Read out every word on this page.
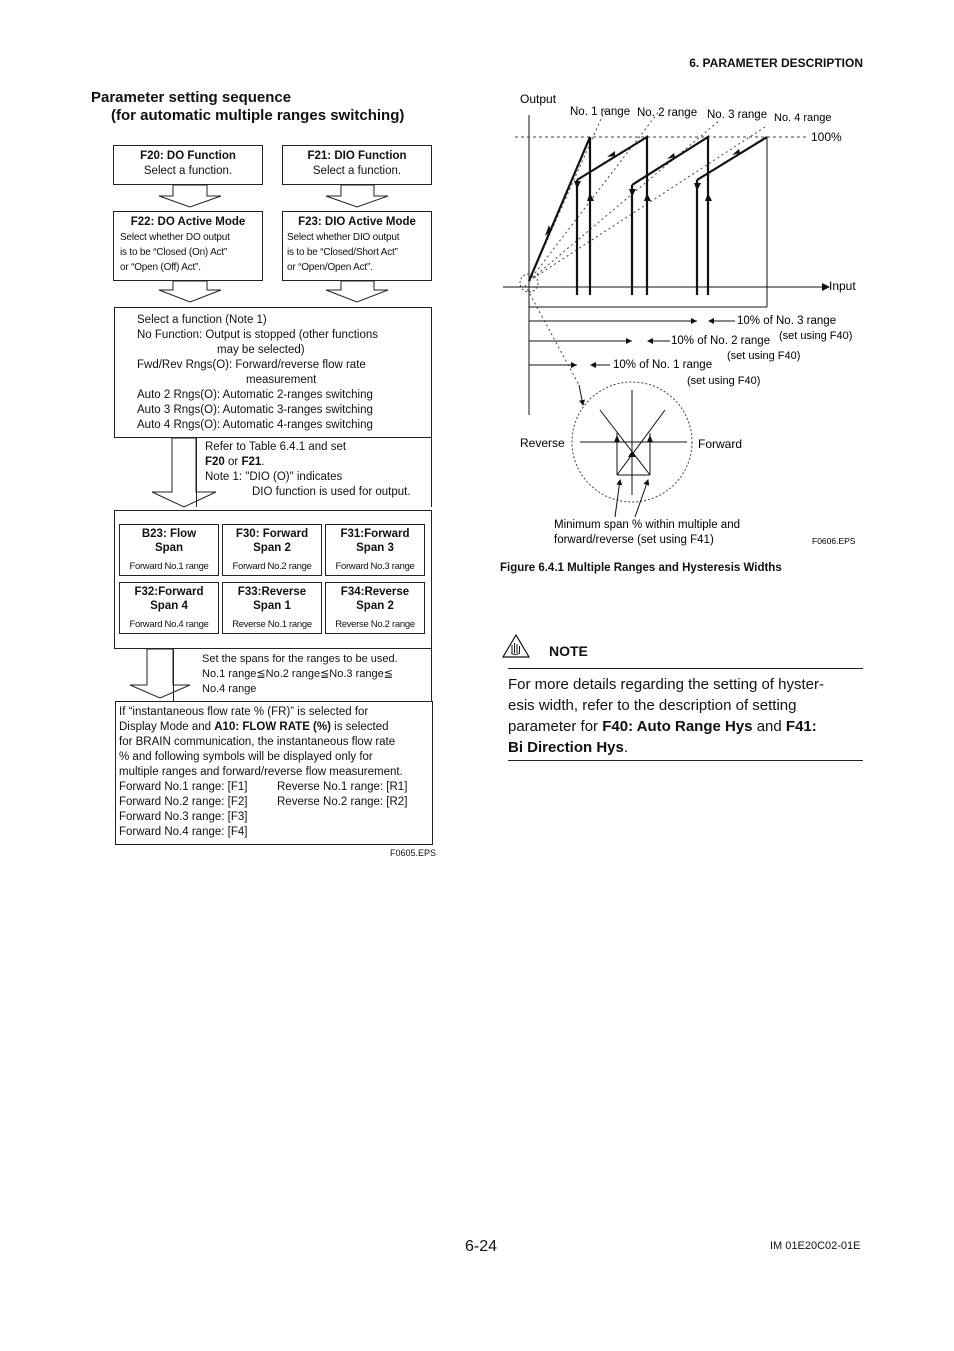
6. PARAMETER DESCRIPTION
Parameter setting sequence
(for automatic multiple ranges switching)
F20: DO Function
Select a function.
F21: DIO Function
Select a function.
F22: DO Active Mode
Select whether DO output
is to be “Closed (On) Act”
or “Open (Off) Act”.
F23: DIO Active Mode
Select whether DIO output
is to be “Closed/Short Act”
or “Open/Open Act”.
Select a function (Note 1)
No Function: Output is stopped (other functions
may be selected)
Fwd/Rev Rngs(O): Forward/reverse flow rate
measurement
Auto 2 Rngs(O): Automatic 2-ranges switching
Auto 3 Rngs(O): Automatic 3-ranges switching
Auto 4 Rngs(O): Automatic 4-ranges switching
Refer to Table 6.4.1 and set
F20 or F21.
Note 1: "DIO (O)" indicates
DIO function is used for output.
B23: Flow
Span
Forward No.1 range
F30: Forward
Span 2
Forward No.2 range
F31:Forward
Span 3
Forward No.3 range
F32:Forward
Span 4
Forward No.4 range
F33:Reverse
Span 1
Reverse No.1 range
F34:Reverse
Span 2
Reverse No.2 range
Set the spans for the ranges to be used.
No.1 range≦No.2 range≦No.3 range≦
No.4 range
If “instantaneous flow rate % (FR)” is selected for
Display Mode and A10: FLOW RATE (%) is selected
for BRAIN communication, the instantaneous flow rate
% and following symbols will be displayed only for
multiple ranges and forward/reverse flow measurement.
Forward No.1 range: [F1]	Reverse No.1 range: [R1]
Forward No.2 range: [F2]	Reverse No.2 range: [R2]
Forward No.3 range: [F3]
Forward No.4 range: [F4]
F0605.EPS
Output
Input
No. 1 range No. 2 range No. 3 range No. 4 range
100%
10% of No. 3 range
(set using F40)
10% of No. 2 range
(set using F40)
10% of No. 1 range
(set using F40)
Reverse	Forward
Minimum span % within multiple and
forward/reverse (set using F41)	F0606.EPS
Figure 6.4.1 Multiple Ranges and Hysteresis Widths
NOTE
For more details regarding the setting of hyster-
esis width, refer to the description of setting
parameter for F40: Auto Range Hys and F41:
Bi Direction Hys.
6-24	IM 01E20C02-01E
